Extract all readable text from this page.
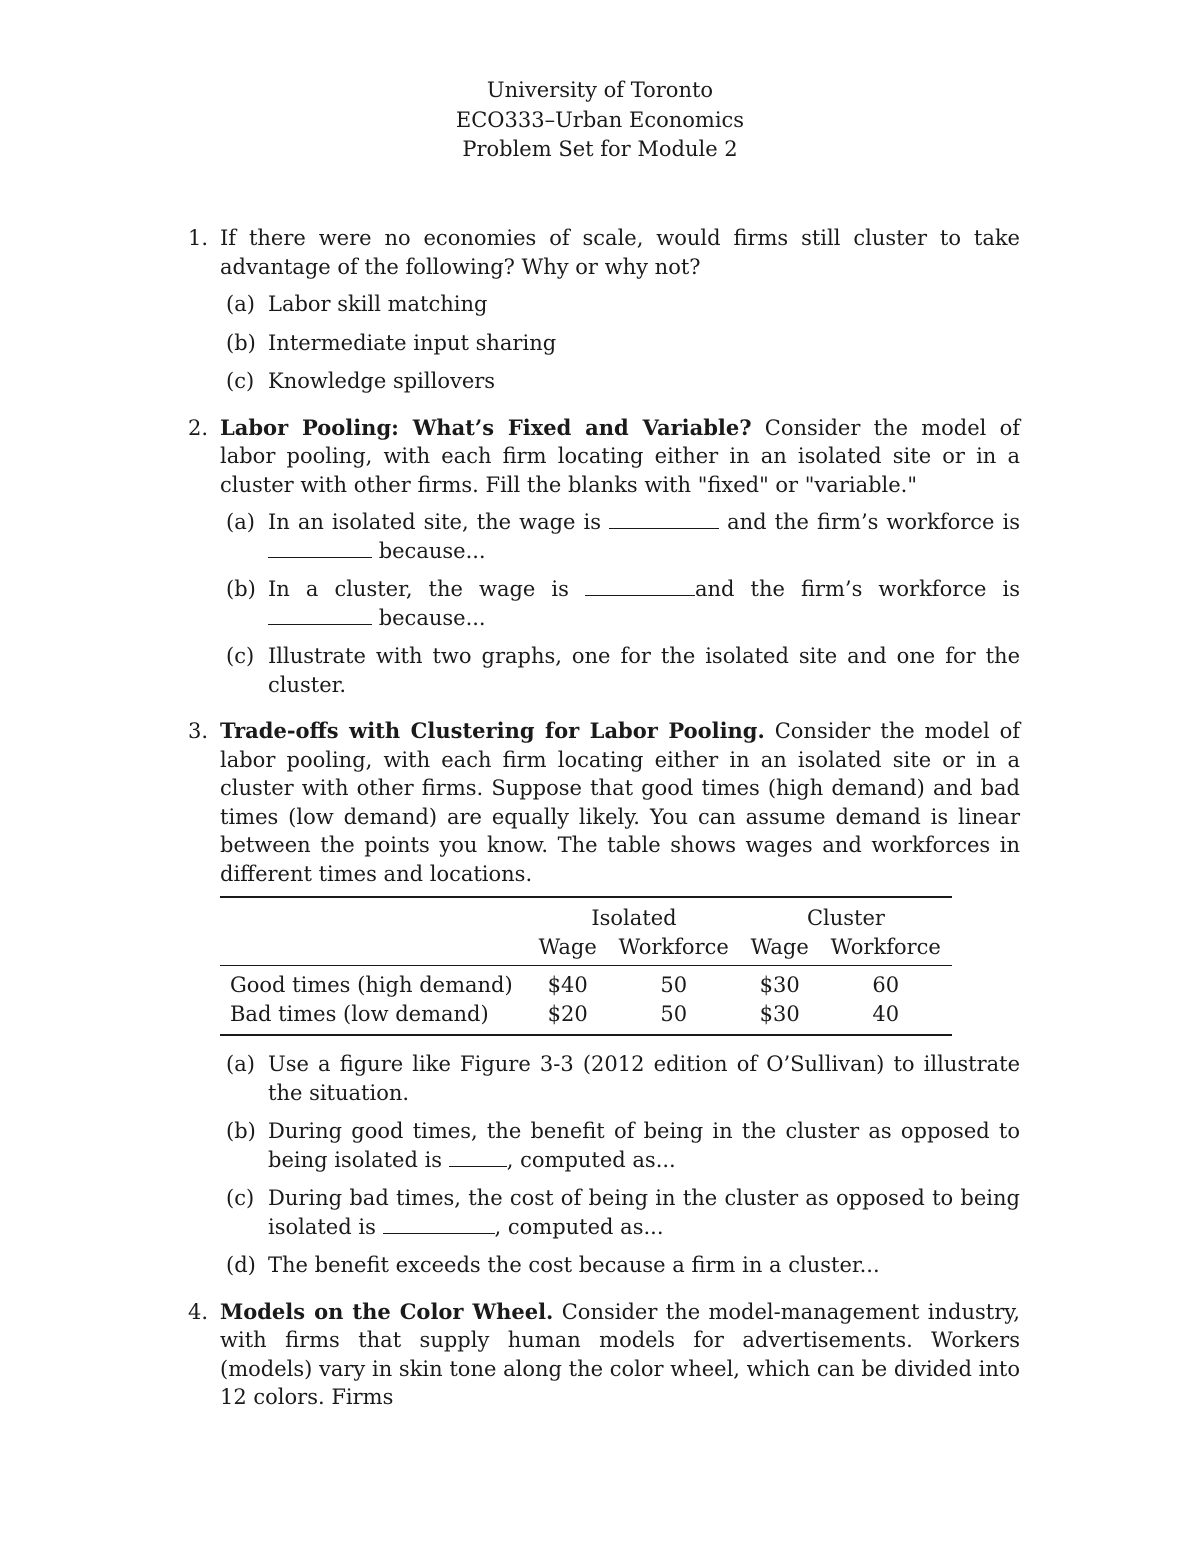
University of Toronto
ECO333–Urban Economics
Problem Set for Module 2
1. If there were no economies of scale, would firms still cluster to take advantage of the following? Why or why not?
(a) Labor skill matching
(b) Intermediate input sharing
(c) Knowledge spillovers
2. Labor Pooling: What’s Fixed and Variable? Consider the model of labor pooling, with each firm locating either in an isolated site or in a cluster with other firms. Fill the blanks with "fixed" or "variable."
(a) In an isolated site, the wage is	and the firm’s workforce is  because...
(b) In a cluster, the wage is	and the firm’s workforce is  because...
(c) Illustrate with two graphs, one for the isolated site and one for the cluster.
3. Trade-offs with Clustering for Labor Pooling. Consider the model of labor pooling, with each firm locating either in an isolated site or in a cluster with other firms. Suppose that good times (high demand) and bad times (low demand) are equally likely. You can assume demand is linear between the points you know. The table shows wages and workforces in different times and locations.
	Isolated		Cluster	
	Wage	Workforce	Wage	Workforce
Good times (high demand)	$40	50	$30	60
Bad times (low demand)	$20	50	$30	40
(a) Use a figure like Figure 3-3 (2012 edition of O’Sullivan) to illustrate the situation.
(b) During good times, the benefit of being in the cluster as opposed to being isolated is	, computed as...
(c) During bad times, the cost of being in the cluster as opposed to being isolated is	, computed as...
(d) The benefit exceeds the cost because a firm in a cluster...
4. Models on the Color Wheel. Consider the model-management industry, with firms that supply human models for advertisements. Workers (models) vary in skin tone along the color wheel, which can be divided into 12 colors. Firms
